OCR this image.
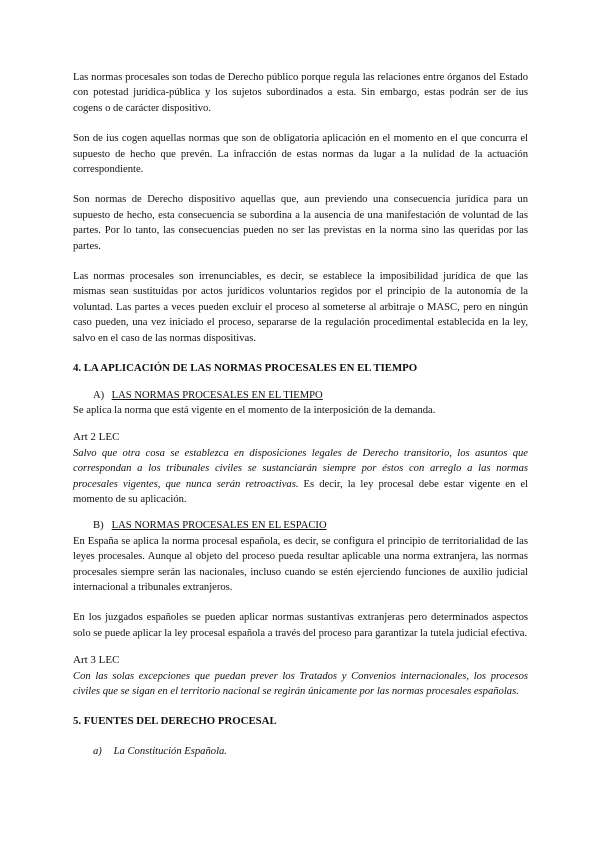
Las normas procesales son todas de Derecho público porque regula las relaciones entre órganos del Estado con potestad jurídica-pública y los sujetos subordinados a esta. Sin embargo, estas podrán ser de ius cogens o de carácter dispositivo.

Son de ius cogen aquellas normas que son de obligatoria aplicación en el momento en el que concurra el supuesto de hecho que prevén. La infracción de estas normas da lugar a la nulidad de la actuación correspondiente.

Son normas de Derecho dispositivo aquellas que, aun previendo una consecuencia jurídica para un supuesto de hecho, esta consecuencia se subordina a la ausencia de una manifestación de voluntad de las partes. Por lo tanto, las consecuencias pueden no ser las previstas en la norma sino las queridas por las partes.

Las normas procesales son irrenunciables, es decir, se establece la imposibilidad jurídica de que las mismas sean sustituidas por actos jurídicos voluntarios regidos por el principio de la autonomía de la voluntad. Las partes a veces pueden excluir el proceso al someterse al arbitraje o MASC, pero en ningún caso pueden, una vez iniciado el proceso, separarse de la regulación procedimental establecida en la ley, salvo en el caso de las normas dispositivas.

4. LA APLICACIÓN DE LAS NORMAS PROCESALES EN EL TIEMPO
A) LAS NORMAS PROCESALES EN EL TIEMPO

Se aplica la norma que está vigente en el momento de la interposición de la demanda.

Art 2 LEC

Salvo que otra cosa se establezca en disposiciones legales de Derecho transitorio, los asuntos que correspondan a los tribunales civiles se sustanciarán siempre por éstos con arreglo a las normas procesales vigentes, que nunca serán retroactivas. Es decir, la ley procesal debe estar vigente en el momento de su aplicación.

B) LAS NORMAS PROCESALES EN EL ESPACIO

En España se aplica la norma procesal española, es decir, se configura el principio de territorialidad de las leyes procesales. Aunque al objeto del proceso pueda resultar aplicable una norma extranjera, las normas procesales siempre serán las nacionales, incluso cuando se estén ejerciendo funciones de auxilio judicial internacional a tribunales extranjeros.

En los juzgados españoles se pueden aplicar normas sustantivas extranjeras pero determinados aspectos solo se puede aplicar la ley procesal española a través del proceso para garantizar la tutela judicial efectiva.

Art 3 LEC

Con las solas excepciones que puedan prever los Tratados y Convenios internacionales, los procesos civiles que se sigan en el territorio nacional se regirán únicamente por las normas procesales españolas.

5. FUENTES DEL DERECHO PROCESAL
a) La Constitución Española.
